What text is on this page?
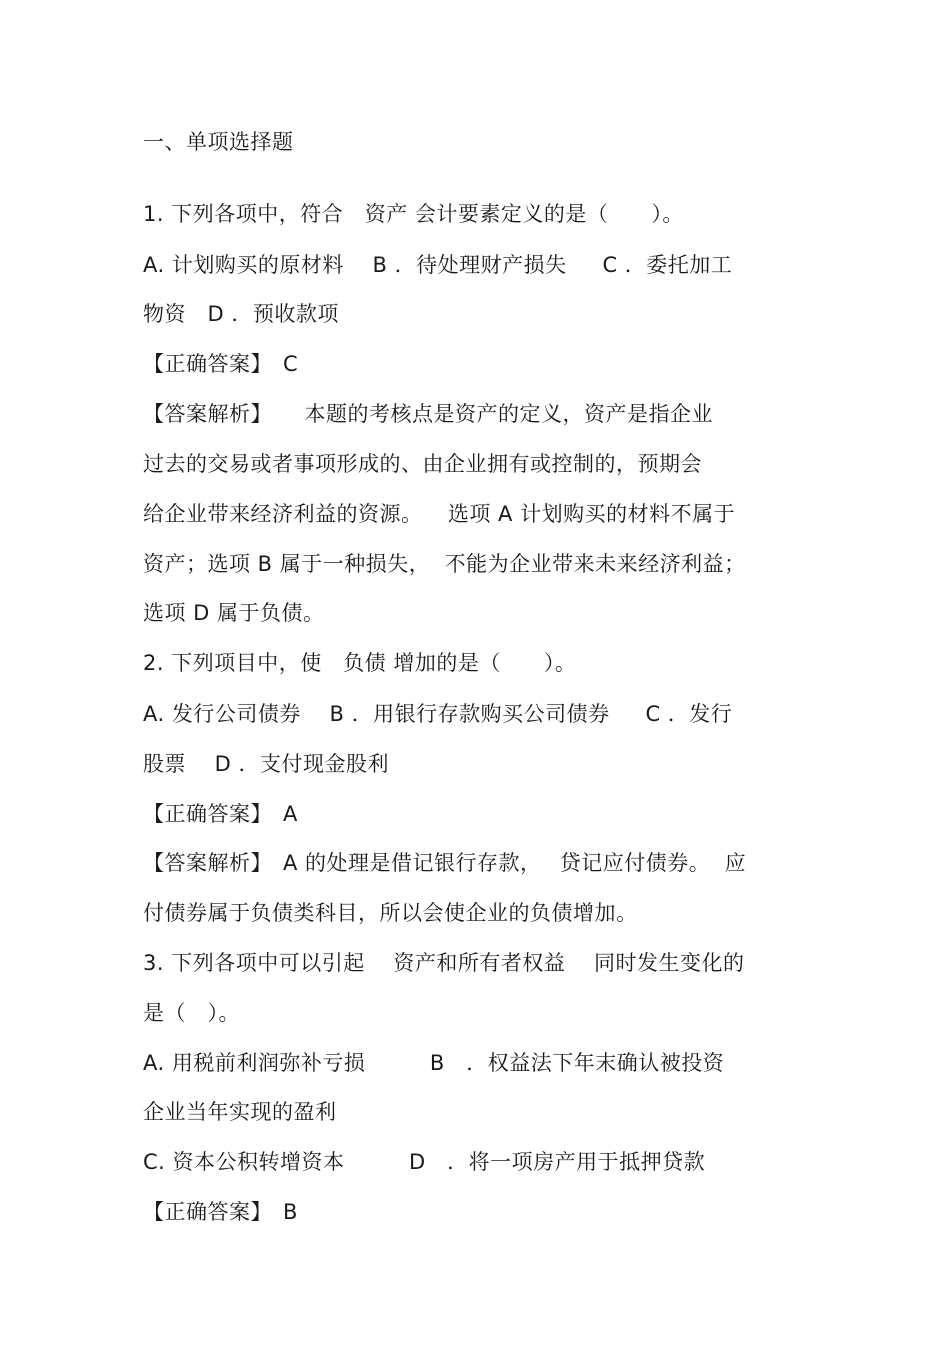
一、单项选择题
1. 下列各项中，符合　资产 会计要素定义的是（　　）。
A. 计划购买的原材料　 B ．待处理财产损失　  C ．委托加工
物资　D ．预收款项
【正确答案】　C
【答案解析】　　本题的考核点是资产的定义，资产是指企业
过去的交易或者事项形成的、由企业拥有或控制的，预期会
给企业带来经济利益的资源。　  选项 A 计划购买的材料不属于
资产；选项 B 属于一种损失，  不能为企业带来未来经济利益；
选项 D 属于负债。
2. 下列项目中，使　负债 增加的是（　　）。
A. 发行公司债券　 B ．用银行存款购买公司债券　  C ．发行
股票　 D ．支付现金股利
【正确答案】　A
【答案解析】　A 的处理是借记银行存款，　 贷记应付债券。  应
付债券属于负债类科目，所以会使企业的负债增加。
3. 下列各项中可以引起　 资产和所有者权益　 同时发生变化的
是（　）。
A. 用税前利润弥补亏损　　　B　．权益法下年末确认被投资
企业当年实现的盈利
C. 资本公积转增资本　　　D　．将一项房产用于抵押贷款
【正确答案】　B
